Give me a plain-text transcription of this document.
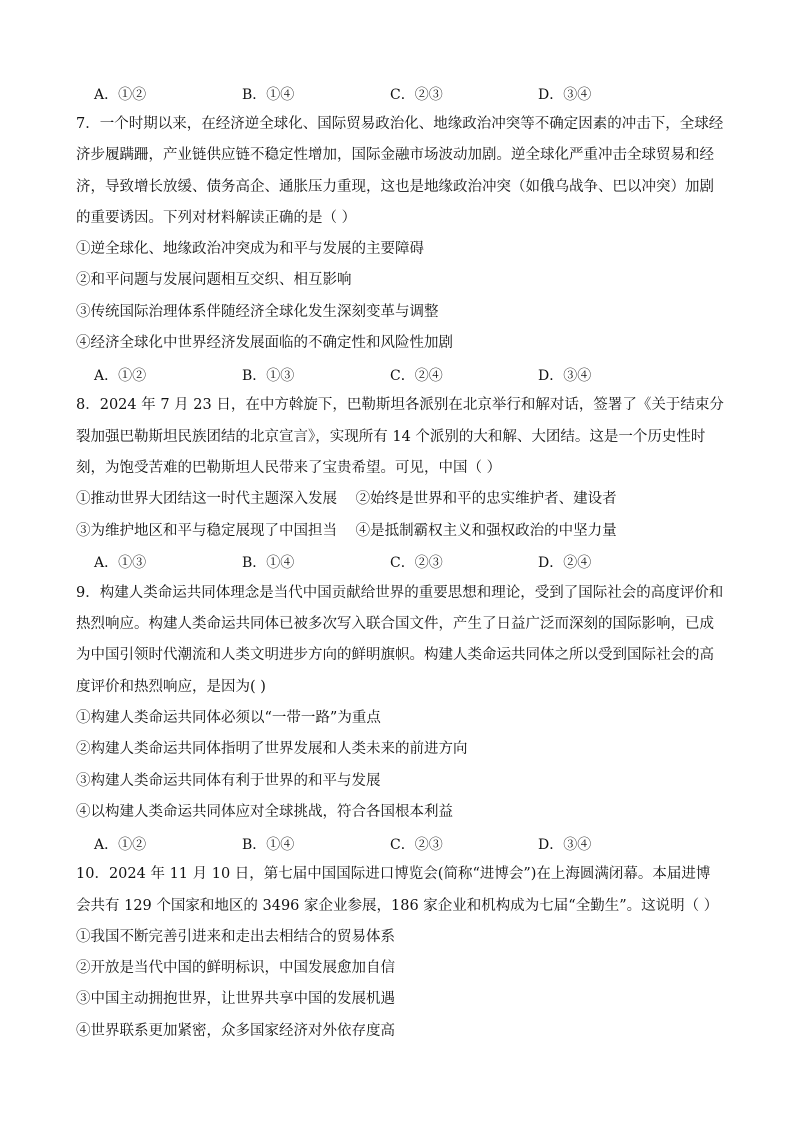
A．①②	B．①④	C．②③	D．③④

7．一个时期以来，在经济逆全球化、国际贸易政治化、地缘政治冲突等不确定因素的冲击下，全球经济步履蹒跚，产业链供应链不稳定性增加，国际金融市场波动加剧。逆全球化严重冲击全球贸易和经济，导致增长放缓、债务高企、通胀压力重现，这也是地缘政治冲突（如俄乌战争、巴以冲突）加剧的重要诱因。下列对材料解读正确的是（ ）

①逆全球化、地缘政治冲突成为和平与发展的主要障碍
②和平问题与发展问题相互交织、相互影响
③传统国际治理体系伴随经济全球化发生深刻变革与调整
④经济全球化中世界经济发展面临的不确定性和风险性加剧
A．①②	B．①③	C．②④	D．③④

8．2024 年 7 月 23 日，在中方斡旋下，巴勒斯坦各派别在北京举行和解对话，签署了《关于结束分裂加强巴勒斯坦民族团结的北京宣言》，实现所有 14 个派别的大和解、大团结。这是一个历史性时刻，为饱受苦难的巴勒斯坦人民带来了宝贵希望。可见，中国（ ）

①推动世界大团结这一时代主题深入发展 ②始终是世界和平的忠实维护者、建设者
③为维护地区和平与稳定展现了中国担当 ④是抵制霸权主义和强权政治的中坚力量
A．①③	B．①④	C．②③	D．②④

9．构建人类命运共同体理念是当代中国贡献给世界的重要思想和理论，受到了国际社会的高度评价和热烈响应。构建人类命运共同体已被多次写入联合国文件，产生了日益广泛而深刻的国际影响，已成为中国引领时代潮流和人类文明进步方向的鲜明旗帜。构建人类命运共同体之所以受到国际社会的高度评价和热烈响应，是因为( )

①构建人类命运共同体必须以“一带一路”为重点
②构建人类命运共同体指明了世界发展和人类未来的前进方向
③构建人类命运共同体有利于世界的和平与发展
④以构建人类命运共同体应对全球挑战，符合各国根本利益
A．①②	B．①④	C．②③	D．③④

10．2024 年 11 月 10 日，第七届中国国际进口博览会(简称“进博会”)在上海圆满闭幕。本届进博会共有 129 个国家和地区的 3496 家企业参展，186 家企业和机构成为七届“全勤生”。这说明（ ）

①我国不断完善引进来和走出去相结合的贸易体系
②开放是当代中国的鲜明标识，中国发展愈加自信
③中国主动拥抱世界，让世界共享中国的发展机遇
④世界联系更加紧密，众多国家经济对外依存度高
